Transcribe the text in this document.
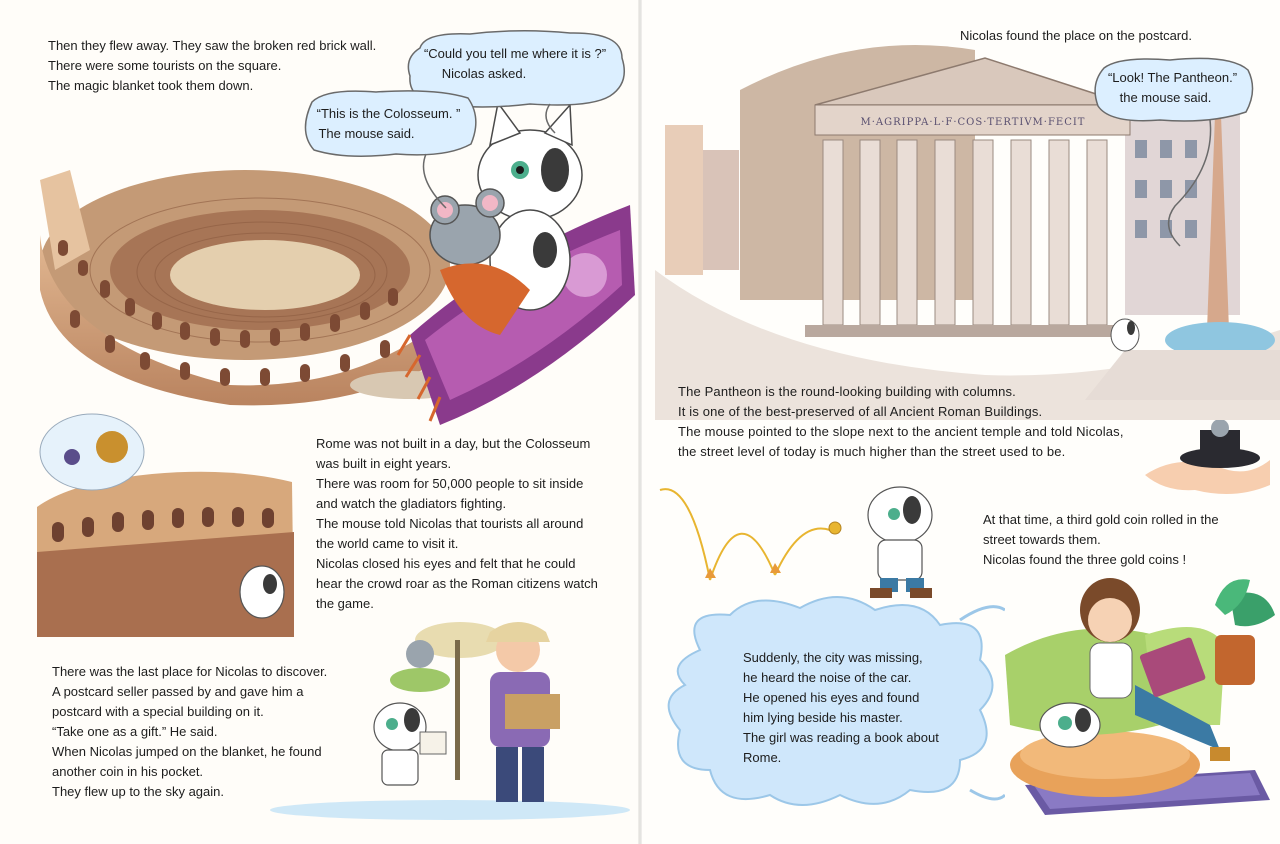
“Could you tell me where it is ?”

Nicolas asked.

“This is the Colosseum. ”

The mouse said.

Then they flew away. They saw the broken red brick wall.

There were some tourists on the square.

The magic blanket took them down.

Rome was not built in a day, but the Colosseum

was built in eight years.

There was room for 50,000 people to sit inside

and watch the gladiators fighting.

The mouse told Nicolas that tourists all around

the world came to visit it.

Nicolas closed his eyes and felt that he could

hear the crowd roar as the Roman citizens watch

the game.

There was the last place for Nicolas to discover.

A postcard seller passed by and gave him a

postcard with a special building on it.

“Take one as a gift.” He said.

When Nicolas jumped on the blanket, he found

another coin in his pocket.

They flew up to the sky again.

M·AGRIPPA·L·F·COS·TERTIVM·FECIT

Nicolas found the place on the postcard.

“Look! The Pantheon.”

the mouse said.

The Pantheon is the round-looking building with columns.

It is one of the best-preserved of all Ancient Roman Buildings.

The mouse pointed to the slope next to the ancient temple and told Nicolas,

the street level of today is much higher than the street used to be.

At that time, a third gold coin rolled in the

street towards them.

Nicolas found the three gold coins !

Suddenly, the city was missing,

he heard the noise of the car.

He opened his eyes and found

him lying beside his master.

The girl was reading a book about

Rome.
